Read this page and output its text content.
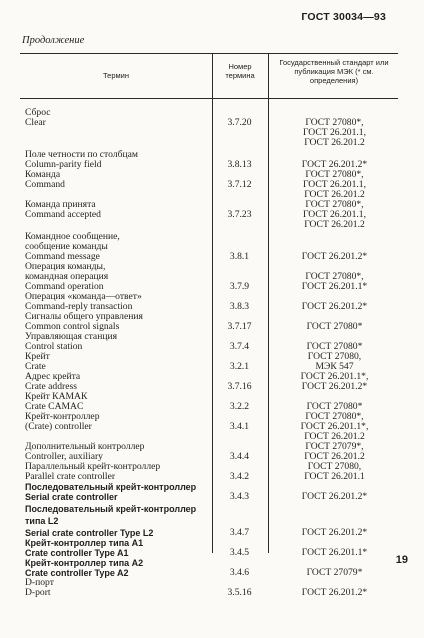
ГОСТ 30034—93
Продолжение
Термин
Номер термина
Государственный стандарт или публикация МЭК (* см. определения)
Сброс
Clear	3.7.20	ГОСТ 27080*,
ГОСТ 26.201.1,
ГОСТ 26.201.2
Поле четности по столбцам
Column-parity field	3.8.13	ГОСТ 26.201.2*
Команда	ГОСТ 27080*,
Command	3.7.12	ГОСТ 26.201.1,
ГОСТ 26.201.2
Команда принята	ГОСТ 27080*,
Command accepted	3.7.23	ГОСТ 26.201.1,
ГОСТ 26.201.2
Командное сообщение,
сообщение команды
Command message	3.8.1	ГОСТ 26.201.2*
Операция команды,
командная операция	ГОСТ 27080*,
Command operation	3.7.9	ГОСТ 26.201.1*
Операция «команда—ответ»
Command-reply transaction	3.8.3	ГОСТ 26.201.2*
Сигналы общего управления
Common control signals	3.7.17	ГОСТ 27080*
Управляющая станция
Control station	3.7.4	ГОСТ 27080*
Крейт	ГОСТ 27080,
Crate	3.2.1	МЭК 547
Адрес крейта	ГОСТ 26.201.1*,
Crate address	3.7.16	ГОСТ 26.201.2*
Крейт КАМАК
Crate CAMAC	3.2.2	ГОСТ 27080*
Крейт-контроллер	ГОСТ 27080*,
(Crate) controller	3.4.1	ГОСТ 26.201.1*,
ГОСТ 26.201.2
Дополнительный контроллер	ГОСТ 27079*,
Controller, auxiliary	3.4.4	ГОСТ 26.201.2
Параллельный крейт-контроллер	ГОСТ 27080,
Parallel crate controller	3.4.2	ГОСТ 26.201.1
Последовательный крейт-контроллер
Serial crate controller	3.4.3	ГОСТ 26.201.2*
Последовательный крейт-контроллер
типа L2
Serial crate controller Type L2	3.4.7	ГОСТ 26.201.2*
Крейт-контроллер типа A1
Crate controller Type A1	3.4.5	ГОСТ 26.201.1*
Крейт-контроллер типа A2
Crate controller Type A2	3.4.6	ГОСТ 27079*
D-порт
D-port	3.5.16	ГОСТ 26.201.2*
19
